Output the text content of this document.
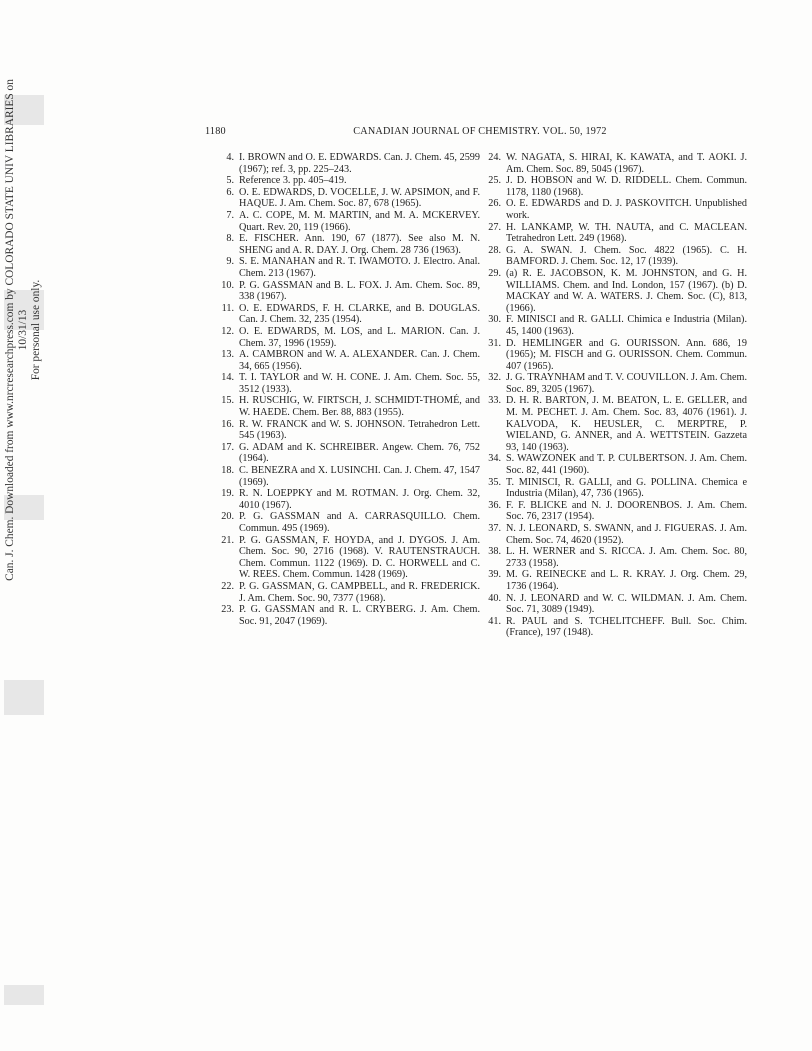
Can. J. Chem. Downloaded from www.nrcresearchpress.com by COLORADO STATE UNIV LIBRARIES on 10/31/13 For personal use only.
1180	CANADIAN JOURNAL OF CHEMISTRY. VOL. 50, 1972
4. I. BROWN and O. E. EDWARDS. Can. J. Chem. 45, 2599 (1967); ref. 3, pp. 225–243.
5. Reference 3. pp. 405–419.
6. O. E. EDWARDS, D. VOCELLE, J. W. APSIMON, and F. HAQUE. J. Am. Chem. Soc. 87, 678 (1965).
7. A. C. COPE, M. M. MARTIN, and M. A. MCKERVEY. Quart. Rev. 20, 119 (1966).
8. E. FISCHER. Ann. 190, 67 (1877). See also M. N. SHENG and A. R. DAY. J. Org. Chem. 28 736 (1963).
9. S. E. MANAHAN and R. T. IWAMOTO. J. Electro. Anal. Chem. 213 (1967).
10. P. G. GASSMAN and B. L. FOX. J. Am. Chem. Soc. 89, 338 (1967).
11. O. E. EDWARDS, F. H. CLARKE, and B. DOUGLAS. Can. J. Chem. 32, 235 (1954).
12. O. E. EDWARDS, M. LOS, and L. MARION. Can. J. Chem. 37, 1996 (1959).
13. A. CAMBRON and W. A. ALEXANDER. Can. J. Chem. 34, 665 (1956).
14. T. I. TAYLOR and W. H. CONE. J. Am. Chem. Soc. 55, 3512 (1933).
15. H. RUSCHIG, W. FIRTSCH, J. SCHMIDT-THOMÉ, and W. HAEDE. Chem. Ber. 88, 883 (1955).
16. R. W. FRANCK and W. S. JOHNSON. Tetrahedron Lett. 545 (1963).
17. G. ADAM and K. SCHREIBER. Angew. Chem. 76, 752 (1964).
18. C. BENEZRA and X. LUSINCHI. Can. J. Chem. 47, 1547 (1969).
19. R. N. LOEPPKY and M. ROTMAN. J. Org. Chem. 32, 4010 (1967).
20. P. G. GASSMAN and A. CARRASQUILLO. Chem. Commun. 495 (1969).
21. P. G. GASSMAN, F. HOYDA, and J. DYGOS. J. Am. Chem. Soc. 90, 2716 (1968). V. RAUTENSTRAUCH. Chem. Commun. 1122 (1969). D. C. HORWELL and C. W. REES. Chem. Commun. 1428 (1969).
22. P. G. GASSMAN, G. CAMPBELL, and R. FREDERICK. J. Am. Chem. Soc. 90, 7377 (1968).
23. P. G. GASSMAN and R. L. CRYBERG. J. Am. Chem. Soc. 91, 2047 (1969).
24. W. NAGATA, S. HIRAI, K. KAWATA, and T. AOKI. J. Am. Chem. Soc. 89, 5045 (1967).
25. J. D. HOBSON and W. D. RIDDELL. Chem. Commun. 1178, 1180 (1968).
26. O. E. EDWARDS and D. J. PASKOVITCH. Unpublished work.
27. H. LANKAMP, W. TH. NAUTA, and C. MACLEAN. Tetrahedron Lett. 249 (1968).
28. G. A. SWAN. J. Chem. Soc. 4822 (1965). C. H. BAMFORD. J. Chem. Soc. 12, 17 (1939).
29. (a) R. E. JACOBSON, K. M. JOHNSTON, and G. H. WILLIAMS. Chem. and Ind. London, 157 (1967). (b) D. MACKAY and W. A. WATERS. J. Chem. Soc. (C), 813, (1966).
30. F. MINISCI and R. GALLI. Chimica e Industria (Milan). 45, 1400 (1963).
31. D. HEMLINGER and G. OURISSON. Ann. 686, 19 (1965); M. FISCH and G. OURISSON. Chem. Commun. 407 (1965).
32. J. G. TRAYNHAM and T. V. COUVILLON. J. Am. Chem. Soc. 89, 3205 (1967).
33. D. H. R. BARTON, J. M. BEATON, L. E. GELLER, and M. M. PECHET. J. Am. Chem. Soc. 83, 4076 (1961). J. KALVODA, K. HEUSLER, C. MERPTRE, P. WIELAND, G. ANNER, and A. WETTSTEIN. Gazzeta 93, 140 (1963).
34. S. WAWZONEK and T. P. CULBERTSON. J. Am. Chem. Soc. 82, 441 (1960).
35. T. MINISCI, R. GALLI, and G. POLLINA. Chemica e Industria (Milan), 47, 736 (1965).
36. F. F. BLICKE and N. J. DOORENBOS. J. Am. Chem. Soc. 76, 2317 (1954).
37. N. J. LEONARD, S. SWANN, and J. FIGUERAS. J. Am. Chem. Soc. 74, 4620 (1952).
38. L. H. WERNER and S. RICCA. J. Am. Chem. Soc. 80, 2733 (1958).
39. M. G. REINECKE and L. R. KRAY. J. Org. Chem. 29, 1736 (1964).
40. N. J. LEONARD and W. C. WILDMAN. J. Am. Chem. Soc. 71, 3089 (1949).
41. R. PAUL and S. TCHELITCHEFF. Bull. Soc. Chim. (France), 197 (1948).
